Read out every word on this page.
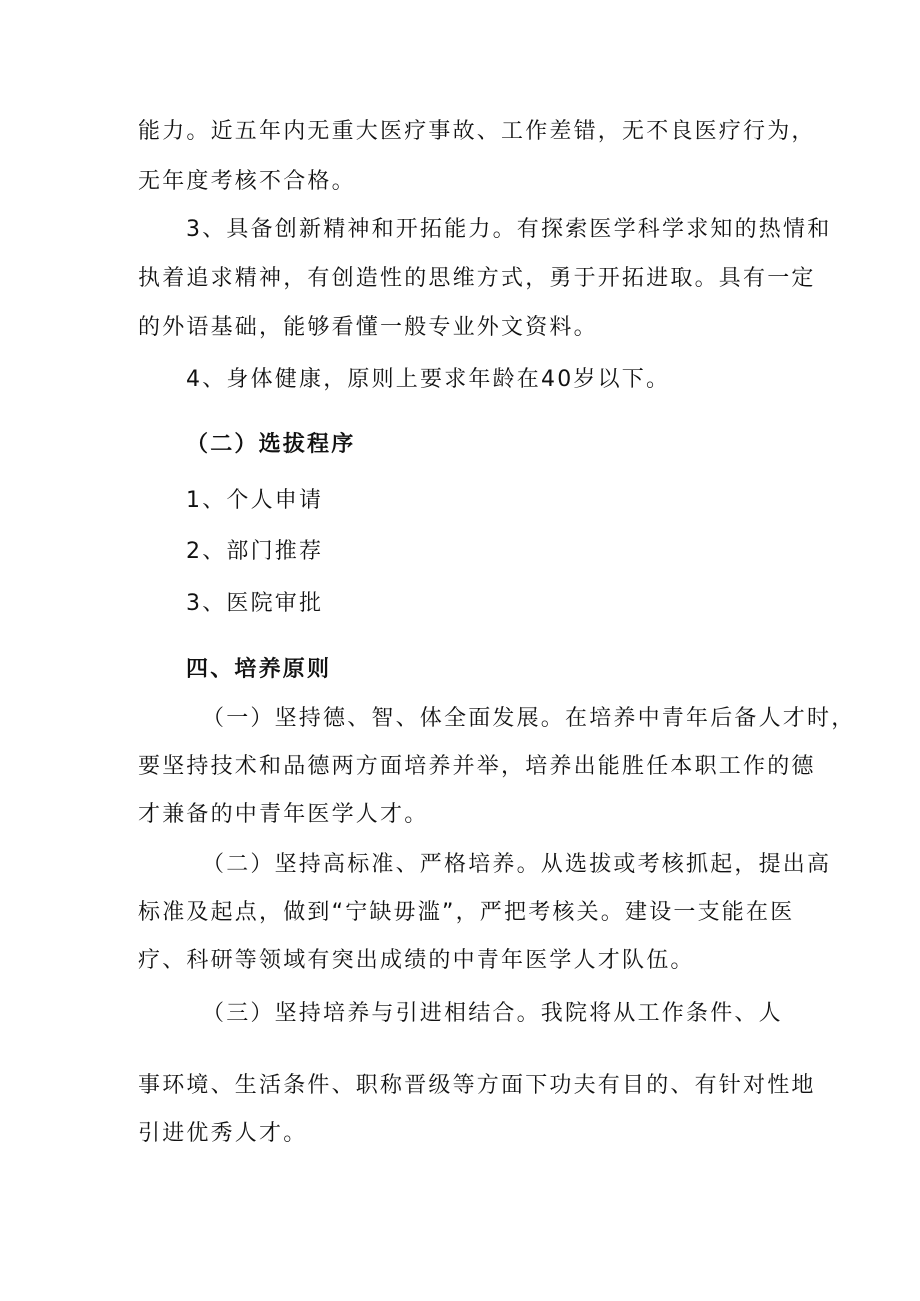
能力。近五年内无重大医疗事故、工作差错，无不良医疗行为，

无年度考核不合格。

3、具备创新精神和开拓能力。有探索医学科学求知的热情和

执着追求精神，有创造性的思维方式，勇于开拓进取。具有一定

的外语基础，能够看懂一般专业外文资料。

4、身体健康，原则上要求年龄在40岁以下。

（二）选拔程序

1、个人申请

2、部门推荐

3、医院审批

四、培养原则

（一）坚持德、智、体全面发展。在培养中青年后备人才时，

要坚持技术和品德两方面培养并举，培养出能胜任本职工作的德

才兼备的中青年医学人才。

（二）坚持高标准、严格培养。从选拔或考核抓起，提出高

标准及起点，做到“宁缺毋滥”，严把考核关。建设一支能在医

疗、科研等领域有突出成绩的中青年医学人才队伍。

（三）坚持培养与引进相结合。我院将从工作条件、人

事环境、生活条件、职称晋级等方面下功夫有目的、有针对性地

引进优秀人才。
